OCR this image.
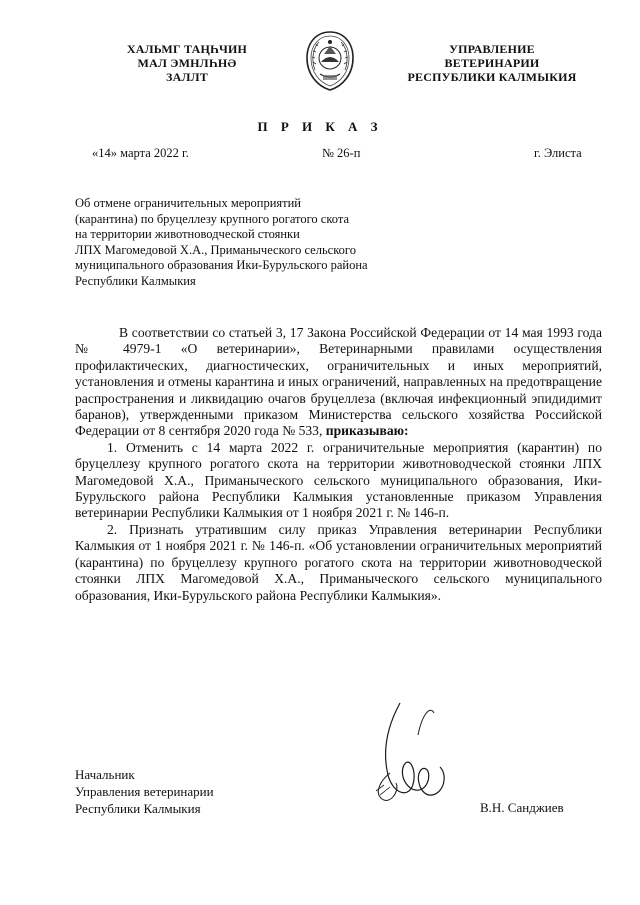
ХАЛЬМГ ТАҢҺЧИН
МАЛ ЭМНЛҺНӘ
ЗАЛЛТ
УПРАВЛЕНИЕ
ВЕТЕРИНАРИИ
РЕСПУБЛИКИ КАЛМЫКИЯ
П Р И К А З
«14» марта 2022 г.	№ 26-п	г. Элиста
Об отмене ограничительных мероприятий
(карантина) по бруцеллезу крупного рогатого скота
на территории животноводческой стоянки
ЛПХ Магомедовой Х.А., Приманыческого сельского
муниципального образования Ики-Бурульского района
Республики Калмыкия

В соответствии со статьей 3, 17 Закона Российской Федерации от 14 мая 1993 года № 4979-1 «О ветеринарии», Ветеринарными правилами осуществления профилактических, диагностических, ограничительных и иных мероприятий, установления и отмены карантина и иных ограничений, направленных на предотвращение распространения и ликвидацию очагов бруцеллеза (включая инфекционный эпидидимит баранов), утвержденными приказом Министерства сельского хозяйства Российской Федерации от 8 сентября 2020 года № 533, приказываю:

1. Отменить с 14 марта 2022 г. ограничительные мероприятия (карантин) по бруцеллезу крупного рогатого скота на территории животноводческой стоянки ЛПХ Магомедовой Х.А., Приманыческого сельского муниципального образования, Ики-Бурульского района Республики Калмыкия установленные приказом Управления ветеринарии Республики Калмыкия от 1 ноября 2021 г. № 146-п.

2. Признать утратившим силу приказ Управления ветеринарии Республики Калмыкия от 1 ноября 2021 г. № 146-п. «Об установлении ограничительных мероприятий (карантина) по бруцеллезу крупного рогатого скота на территории животноводческой стоянки ЛПХ Магомедовой Х.А., Приманыческого сельского муниципального образования, Ики-Бурульского района Республики Калмыкия».

Начальник
Управления ветеринарии
Республики Калмыкия	В.Н. Санджиев
